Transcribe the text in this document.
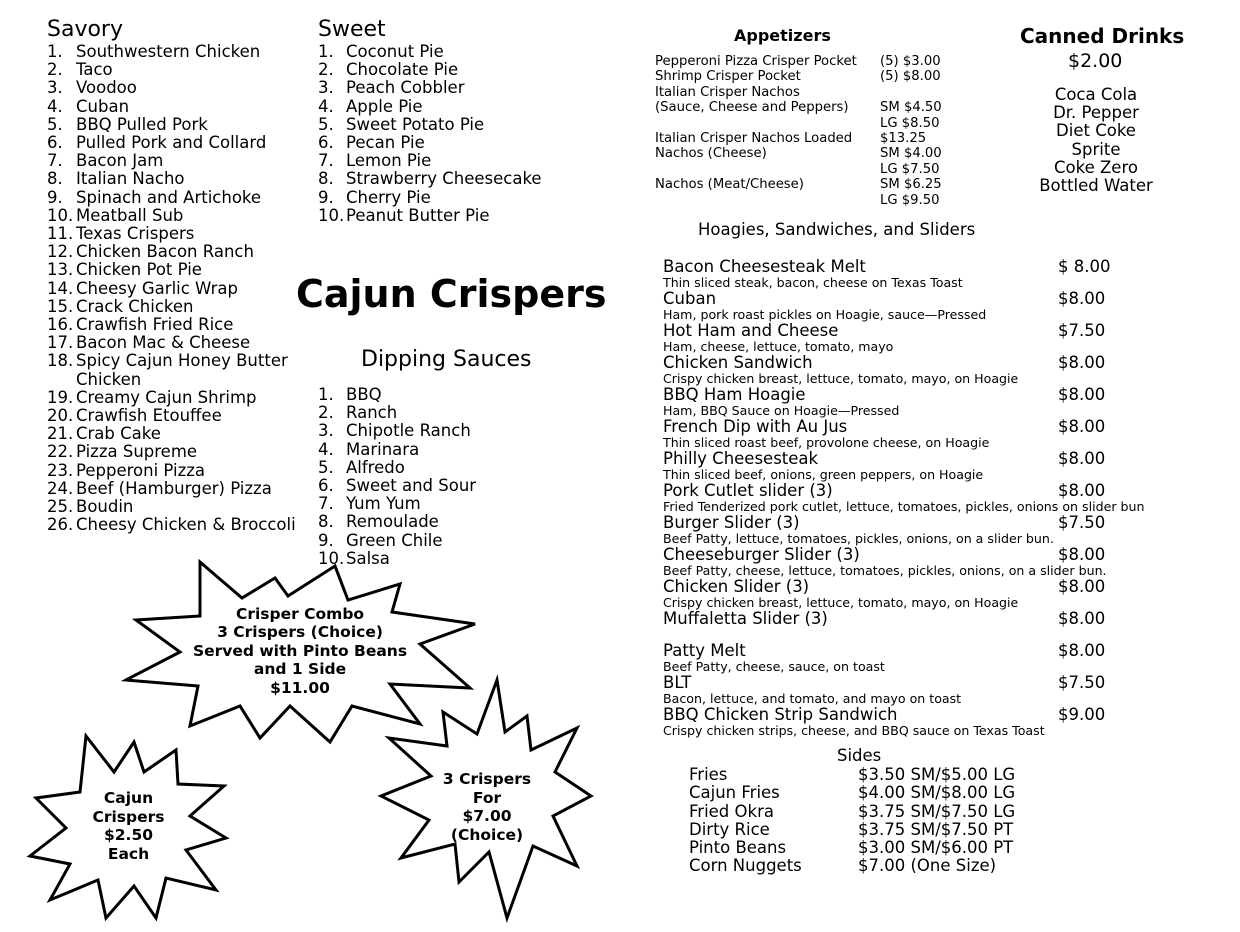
Savory
1. Southwestern Chicken
2. Taco
3. Voodoo
4. Cuban
5. BBQ Pulled Pork
6. Pulled Pork and Collard
7. Bacon Jam
8. Italian Nacho
9. Spinach and Artichoke
10. Meatball Sub
11. Texas Crispers
12. Chicken Bacon Ranch
13. Chicken Pot Pie
14. Cheesy Garlic Wrap
15. Crack Chicken
16. Crawfish Fried Rice
17. Bacon Mac & Cheese
18. Spicy Cajun Honey Butter
Chicken
19. Creamy Cajun Shrimp
20. Crawfish Etouffee
21. Crab Cake
22. Pizza Supreme
23. Pepperoni Pizza
24. Beef (Hamburger) Pizza
25. Boudin
26. Cheesy Chicken & Broccoli
Sweet
1. Coconut Pie
2. Chocolate Pie
3. Peach Cobbler
4. Apple Pie
5. Sweet Potato Pie
6. Pecan Pie
7. Lemon Pie
8. Strawberry Cheesecake
9. Cherry Pie
10. Peanut Butter Pie
Cajun Crispers
Dipping Sauces
1. BBQ
2. Ranch
3. Chipotle Ranch
4. Marinara
5. Alfredo
6. Sweet and Sour
7. Yum Yum
8. Remoulade
9. Green Chile
10. Salsa
Crisper Combo
3 Crispers (Choice)
Served with Pinto Beans
and 1 Side
$11.00
Cajun
Crispers
$2.50
Each
3 Crispers
For
$7.00
(Choice)
Appetizers
Pepperoni Pizza Crisper Pocket (5) $3.00
Shrimp Crisper Pocket	(5) $8.00
Italian Crisper Nachos
(Sauce, Cheese and Peppers) SM $4.50
LG $8.50
Italian Crisper Nachos Loaded $13.25
Nachos (Cheese)	SM $4.00
LG $7.50
Nachos (Meat/Cheese)	SM $6.25
LG $9.50
Canned Drinks
$2.00
Coca Cola
Dr. Pepper
Diet Coke
Sprite
Coke Zero
Bottled Water
Hoagies, Sandwiches, and Sliders
Bacon Cheesesteak Melt	$ 8.00
Thin sliced steak, bacon, cheese on Texas Toast
Cuban	$8.00
Ham, pork roast pickles on Hoagie, sauce—Pressed
Hot Ham and Cheese	$7.50
Ham, cheese, lettuce, tomato, mayo
Chicken Sandwich	$8.00
Crispy chicken breast, lettuce, tomato, mayo, on Hoagie
BBQ Ham Hoagie	$8.00
Ham, BBQ Sauce on Hoagie—Pressed
French Dip with Au Jus	$8.00
Thin sliced roast beef, provolone cheese, on Hoagie
Philly Cheesesteak	$8.00
Thin sliced beef, onions, green peppers, on Hoagie
Pork Cutlet slider (3)	$8.00
Fried Tenderized pork cutlet, lettuce, tomatoes, pickles, onions on slider bun
Burger Slider (3)	$7.50
Beef Patty, lettuce, tomatoes, pickles, onions, on a slider bun.
Cheeseburger Slider (3)	$8.00
Beef Patty, cheese, lettuce, tomatoes, pickles, onions, on a slider bun.
Chicken Slider (3)	$8.00
Crispy chicken breast, lettuce, tomato, mayo, on Hoagie
Muffaletta Slider (3)	$8.00
Patty Melt	$8.00
Beef Patty, cheese, sauce, on toast
BLT	$7.50
Bacon, lettuce, and tomato, and mayo on toast
BBQ Chicken Strip Sandwich	$9.00
Crispy chicken strips, cheese, and BBQ sauce on Texas Toast
Sides
Fries	$3.50 SM/$5.00 LG
Cajun Fries	$4.00 SM/$8.00 LG
Fried Okra	$3.75 SM/$7.50 LG
Dirty Rice	$3.75 SM/$7.50 PT
Pinto Beans	$3.00 SM/$6.00 PT
Corn Nuggets	$7.00 (One Size)
